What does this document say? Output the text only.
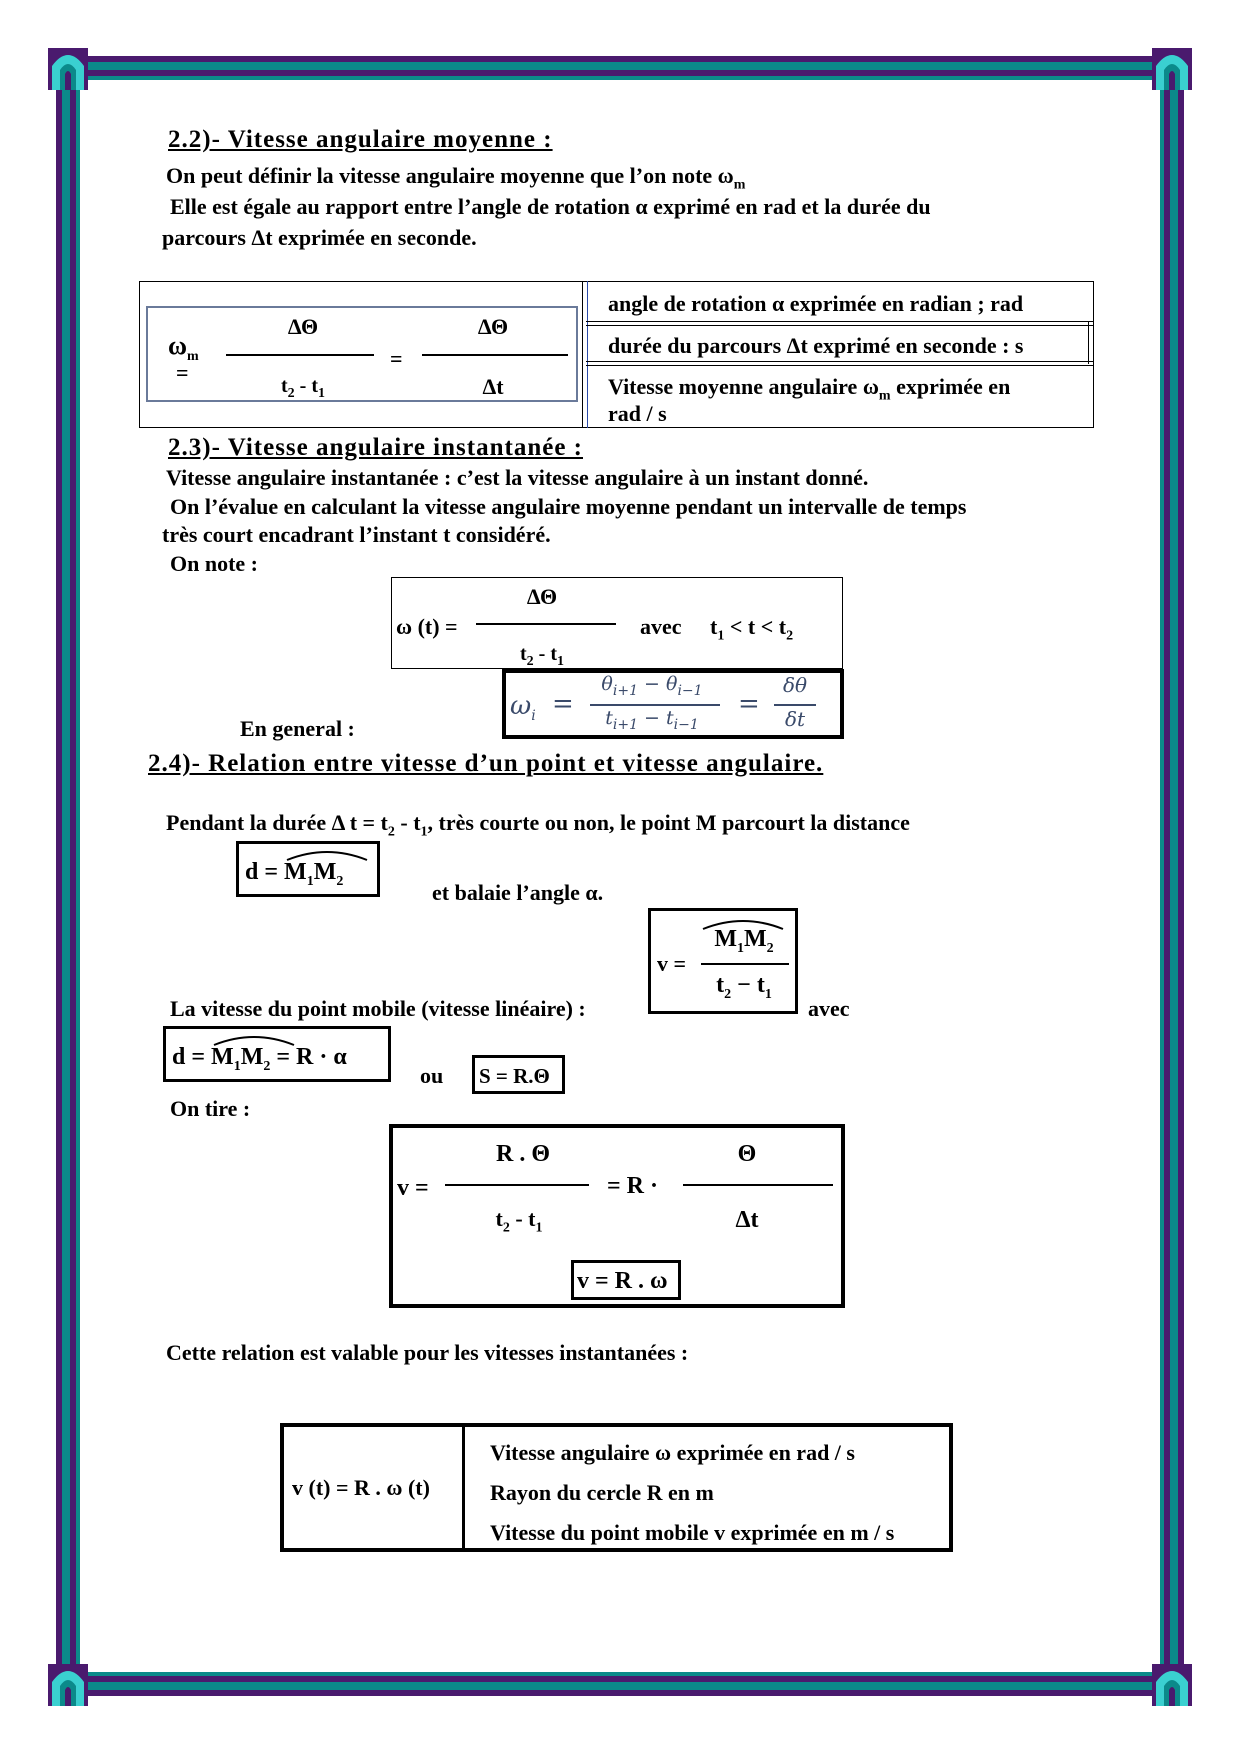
2.2)- Vitesse angulaire moyenne :
On peut définir la vitesse angulaire moyenne que l’on note $\omega_m$
Elle est égale au rapport entre l’angle de rotation α exprimé en rad et la durée du
parcours Δt exprimée en seconde.
$\omega_m$
=
ΔΘ
$t_2 - t_1$
=
ΔΘ
Δt
angle de rotation α exprimée en radian ; rad
durée du parcours Δt exprimé en seconde : s
Vitesse moyenne angulaire $\omega_m$ exprimée en
rad / s
2.3)- Vitesse angulaire instantanée :
Vitesse angulaire instantanée : c’est la vitesse angulaire à un instant donné.
On l’évalue en calculant la vitesse angulaire moyenne pendant un intervalle de temps
très court encadrant l’instant t considéré.
On note :
ΔΘ
ω (t) =
$t_2 - t_1$
avec $t_1 < t < t_2$
En general :
$\omega_i$ =
$\theta_{i+1} - \theta_{i-1}$
$t_{i+1} - t_{i-1}$
=
δθ
δt
2.4)- Relation entre vitesse d’un point et vitesse angulaire.
Pendant la durée Δ $t = t_2 - t_1$, très courte ou non, le point M parcourt la distance
$d = M_1M_2$	et balaie l’angle α.
La vitesse du point mobile (vitesse linéaire) :
v =
$M_1M_2$
$t_2 - t_1$
avec
$d = M_1M_2 = R \cdot \alpha$
ou S = R.Θ
On tire :
R . Θ
v =
$t_2 - t_1$
= R ·
Θ
Δt
v = R . ω
Cette relation est valable pour les vitesses instantanées :
v (t) = R . ω (t)
Vitesse angulaire ω exprimée en rad / s
Rayon du cercle R en m
Vitesse du point mobile v exprimée en m / s
